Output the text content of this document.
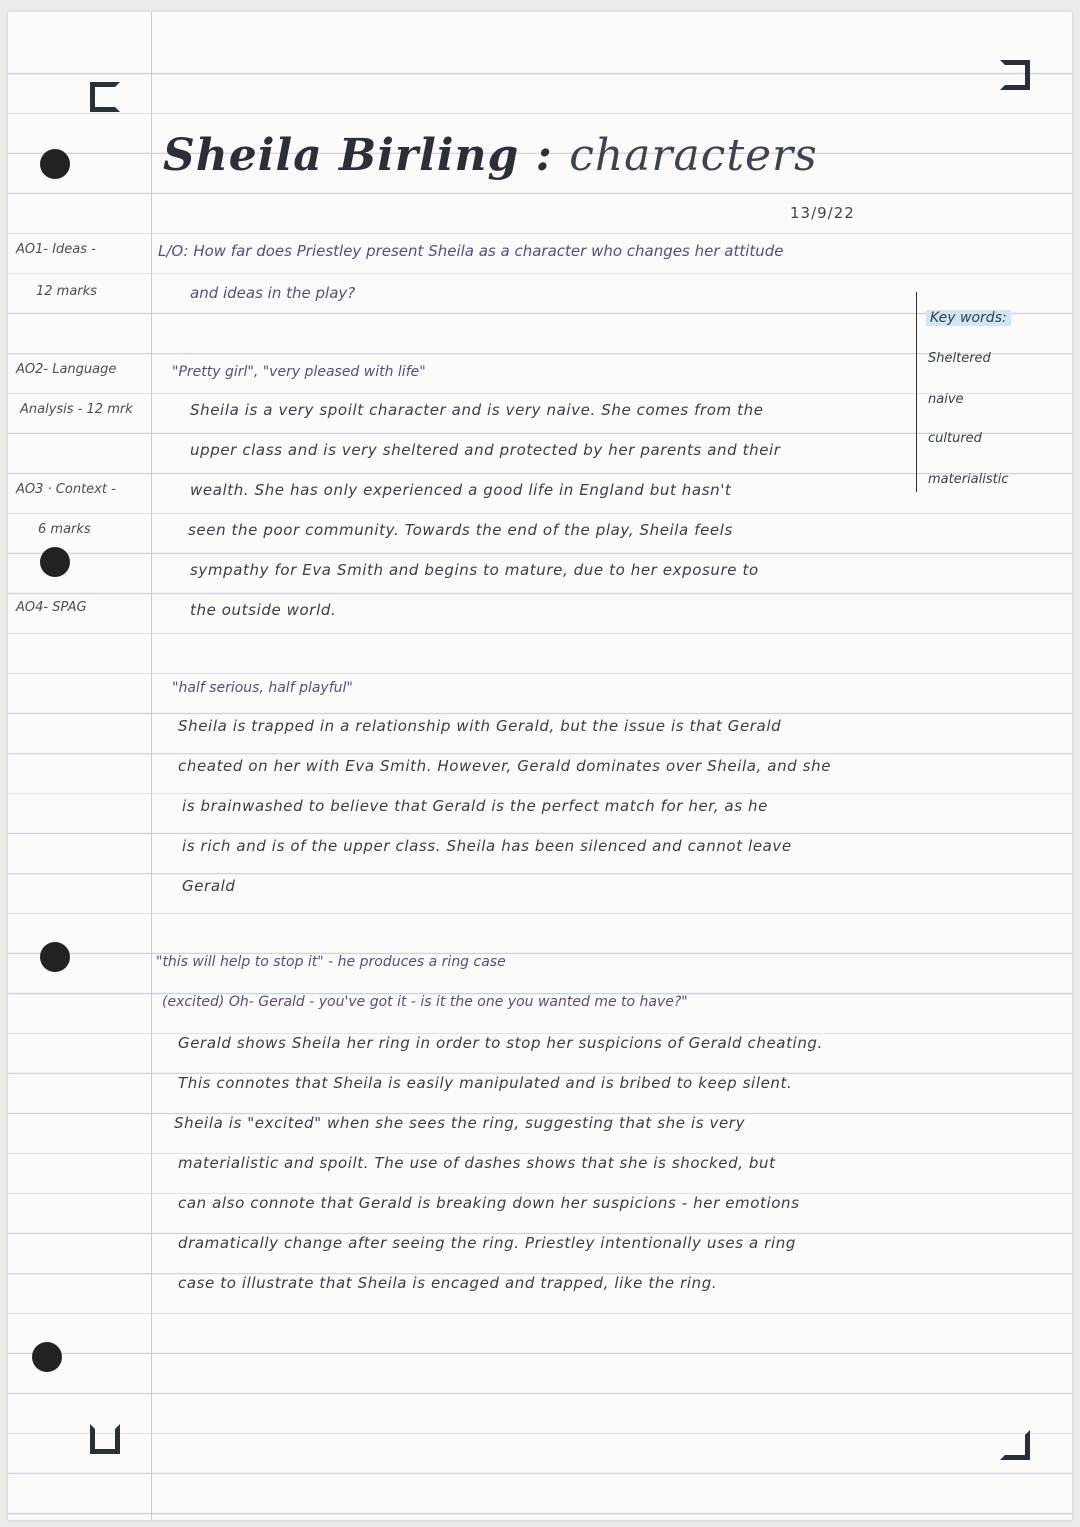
Sheila Birling : characters
13/9/22
AO1- Ideas -
12 marks
AO2- Language
Analysis - 12 mrk
AO3 · Context -
6 marks
AO4- SPAG
L/O: How far does Priestley present Sheila as a character who changes her attitude
and ideas in the play?
Key words:
Sheltered
naive
cultured
materialistic
"Pretty girl", "very pleased with life"
Sheila is a very spoilt character and is very naive. She comes from the
upper class and is very sheltered and protected by her parents and their
wealth. She has only experienced a good life in England but hasn't
seen the poor community. Towards the end of the play, Sheila feels
sympathy for Eva Smith and begins to mature, due to her exposure to
the outside world.
"half serious, half playful"
Sheila is trapped in a relationship with Gerald, but the issue is that Gerald
cheated on her with Eva Smith. However, Gerald dominates over Sheila, and she
is brainwashed to believe that Gerald is the perfect match for her, as he
is rich and is of the upper class. Sheila has been silenced and cannot leave
Gerald
"this will help to stop it" - he produces a ring case
(excited) Oh- Gerald - you've got it - is it the one you wanted me to have?"
Gerald shows Sheila her ring in order to stop her suspicions of Gerald cheating.
This connotes that Sheila is easily manipulated and is bribed to keep silent.
Sheila is "excited" when she sees the ring, suggesting that she is very
materialistic and spoilt. The use of dashes shows that she is shocked, but
can also connote that Gerald is breaking down her suspicions - her emotions
dramatically change after seeing the ring. Priestley intentionally uses a ring
case to illustrate that Sheila is encaged and trapped, like the ring.
